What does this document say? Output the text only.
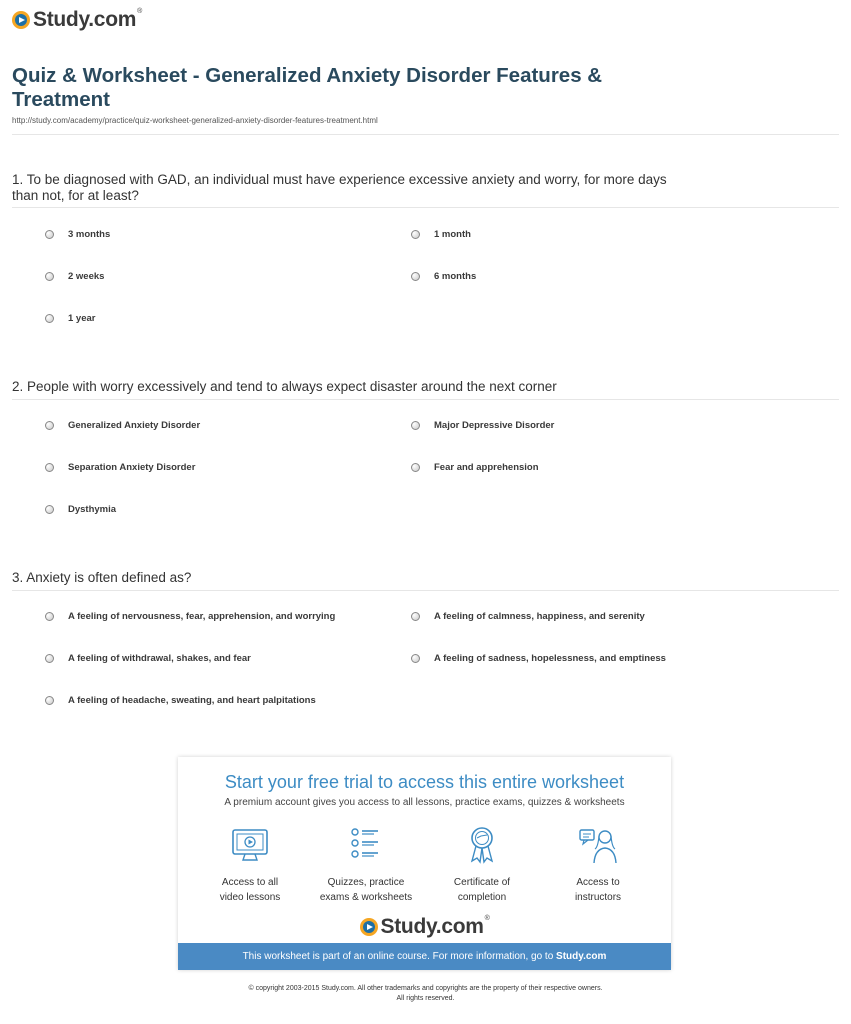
Study.com®
Quiz & Worksheet - Generalized Anxiety Disorder Features & Treatment
http://study.com/academy/practice/quiz-worksheet-generalized-anxiety-disorder-features-treatment.html
1. To be diagnosed with GAD, an individual must have experience excessive anxiety and worry, for more days than not, for at least?
3 months	1 month
2 weeks	6 months
1 year
2. People with worry excessively and tend to always expect disaster around the next corner
Generalized Anxiety Disorder	Major Depressive Disorder
Separation Anxiety Disorder	Fear and apprehension
Dysthymia
3. Anxiety is often defined as?
A feeling of nervousness, fear, apprehension, and worrying	A feeling of calmness, happiness, and serenity
A feeling of withdrawal, shakes, and fear	A feeling of sadness, hopelessness, and emptiness
A feeling of headache, sweating, and heart palpitations
Start your free trial to access this entire worksheet
A premium account gives you access to all lessons, practice exams, quizzes & worksheets
Access to all
video lessons
Quizzes, practice
exams & worksheets
Certificate of
completion
Access to
instructors
Study.com®
This worksheet is part of an online course. For more information, go to Study.com
© copyright 2003-2015 Study.com. All other trademarks and copyrights are the property of their respective owners.
All rights reserved.
